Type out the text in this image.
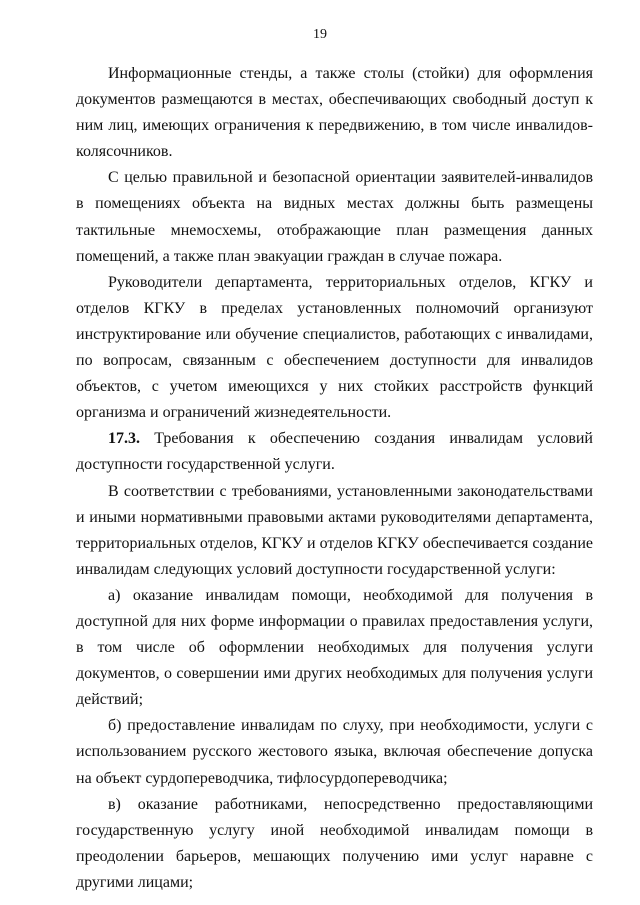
19

Информационные стенды, а также столы (стойки) для оформления документов размещаются в местах, обеспечивающих свободный доступ к ним лиц, имеющих ограничения к передвижению, в том числе инвалидов-колясочников.

С целью правильной и безопасной ориентации заявителей-инвалидов в помещениях объекта на видных местах должны быть размещены тактильные мнемосхемы, отображающие план размещения данных помещений, а также план эвакуации граждан в случае пожара.

Руководители департамента, территориальных отделов, КГКУ и отделов КГКУ в пределах установленных полномочий организуют инструктирование или обучение специалистов, работающих с инвалидами, по вопросам, связанным с обеспечением доступности для инвалидов объектов, с учетом имеющихся у них стойких расстройств функций организма и ограничений жизнедеятельности.

17.3. Требования к обеспечению создания инвалидам условий доступности государственной услуги.

В соответствии с требованиями, установленными законодательствами и иными нормативными правовыми актами руководителями департамента, территориальных отделов, КГКУ и отделов КГКУ обеспечивается создание инвалидам следующих условий доступности государственной услуги:

а) оказание инвалидам помощи, необходимой для получения в доступной для них форме информации о правилах предоставления услуги, в том числе об оформлении необходимых для получения услуги документов, о совершении ими других необходимых для получения услуги действий;

б) предоставление инвалидам по слуху, при необходимости, услуги с использованием русского жестового языка, включая обеспечение допуска на объект сурдопереводчика, тифлосурдопереводчика;

в) оказание работниками, непосредственно предоставляющими государственную услугу иной необходимой инвалидам помощи в преодолении барьеров, мешающих получению ими услуг наравне с другими лицами;
